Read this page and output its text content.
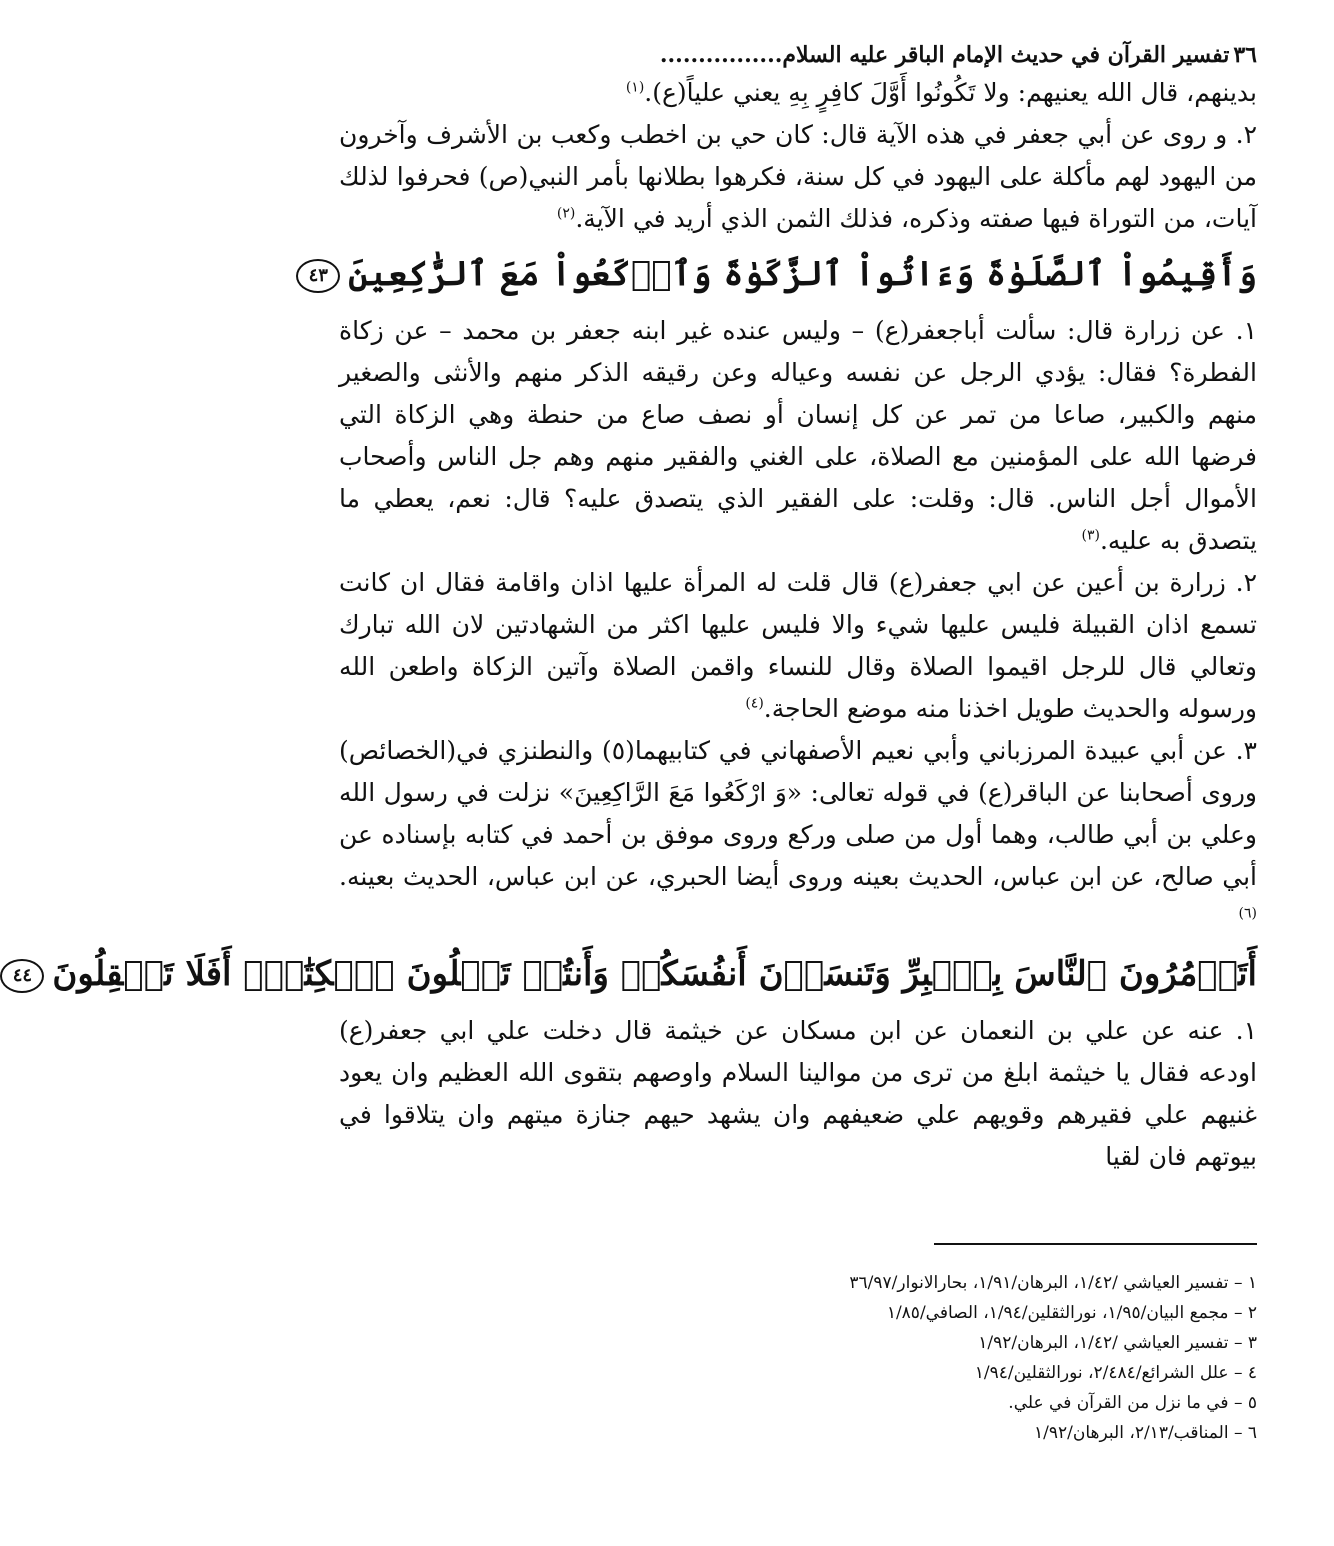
٣٦
تفسير القرآن في حديث الإمام الباقر عليه السلام................

بدينهم، قال الله يعنيهم: ولا تَكُونُوا أَوَّلَ كافِرٍ بِهِ يعني علياً(ع).$^{(١)}$

٢. و روى عن أبي جعفر في هذه الآية قال: كان حي بن اخطب وكعب بن الأشرف وآخرون من اليهود لهم مأكلة على اليهود في كل سنة، فكرهوا بطلانها بأمر النبي(ص) فحرفوا لذلك آيات، من التوراة فيها صفته وذكره، فذلك الثمن الذي أريد في الآية.$^{(٢)}$

وَأَقِيمُواْ ٱلصَّلَوٰةَ وَءَاتُواْ ٱلزَّكَوٰةَ وَٱرۡكَعُواْ مَعَ ٱلرَّٰكِعِينَ٤٣

١. عن زرارة قال: سألت أباجعفر(ع) – وليس عنده غير ابنه جعفر بن محمد – عن زكاة الفطرة؟ فقال: يؤدي الرجل عن نفسه وعياله وعن رقيقه الذكر منهم والأنثى والصغير منهم والكبير، صاعا من تمر عن كل إنسان أو نصف صاع من حنطة وهي الزكاة التي فرضها الله على المؤمنين مع الصلاة، على الغني والفقير منهم وهم جل الناس وأصحاب الأموال أجل الناس. قال: وقلت: على الفقير الذي يتصدق عليه؟ قال: نعم، يعطي ما يتصدق به عليه.$^{(٣)}$

٢. زرارة بن أعين عن ابي جعفر(ع) قال قلت له المرأة عليها اذان واقامة فقال ان كانت تسمع اذان القبيلة فليس عليها شيء والا فليس عليها اكثر من الشهادتين لان الله تبارك وتعالي قال للرجل اقيموا الصلاة وقال للنساء واقمن الصلاة وآتين الزكاة واطعن الله ورسوله والحديث طويل اخذنا منه موضع الحاجة.$^{(٤)}$

٣. عن أبي عبيدة المرزباني وأبي نعيم الأصفهاني في كتابيهما(٥) والنطنزي في(الخصائص) وروى أصحابنا عن الباقر(ع) في قوله تعالى: «وَ ارْكَعُوا مَعَ الرَّاكِعِينَ» نزلت في رسول الله وعلي بن أبي طالب، وهما أول من صلى وركع وروى موفق بن أحمد في كتابه بإسناده عن أبي صالح، عن ابن عباس، الحديث بعينه وروى أيضا الحبري، عن ابن عباس، الحديث بعينه.$^{(٦)}$

أَتَأۡمُرُونَ ٱلنَّاسَ بِٱلۡبِرِّ وَتَنسَوۡنَ أَنفُسَكُمۡ وَأَنتُمۡ تَتۡلُونَ ٱلۡكِتَٰبَۚ أَفَلَا تَعۡقِلُونَ٤٤

١. عنه عن علي بن النعمان عن ابن مسكان عن خيثمة قال دخلت علي ابي جعفر(ع) اودعه فقال يا خيثمة ابلغ من ترى من موالينا السلام واوصهم بتقوى الله العظيم وان يعود غنيهم علي فقيرهم وقويهم علي ضعيفهم وان يشهد حيهم جنازة ميتهم وان يتلاقوا في بيوتهم فان لقيا

١ – تفسير العياشي /١/٤٢، البرهان/١/٩١، بحارالانوار/٣٦/٩٧

٢ – مجمع البيان/١/٩٥، نورالثقلين/١/٩٤، الصافي/١/٨٥

٣ – تفسير العياشي /١/٤٢، البرهان/١/٩٢

٤ – علل الشرائع/٢/٤٨٤، نورالثقلين/١/٩٤

٥ – في ما نزل من القرآن في علي.

٦ – المناقب/٢/١٣، البرهان/١/٩٢
